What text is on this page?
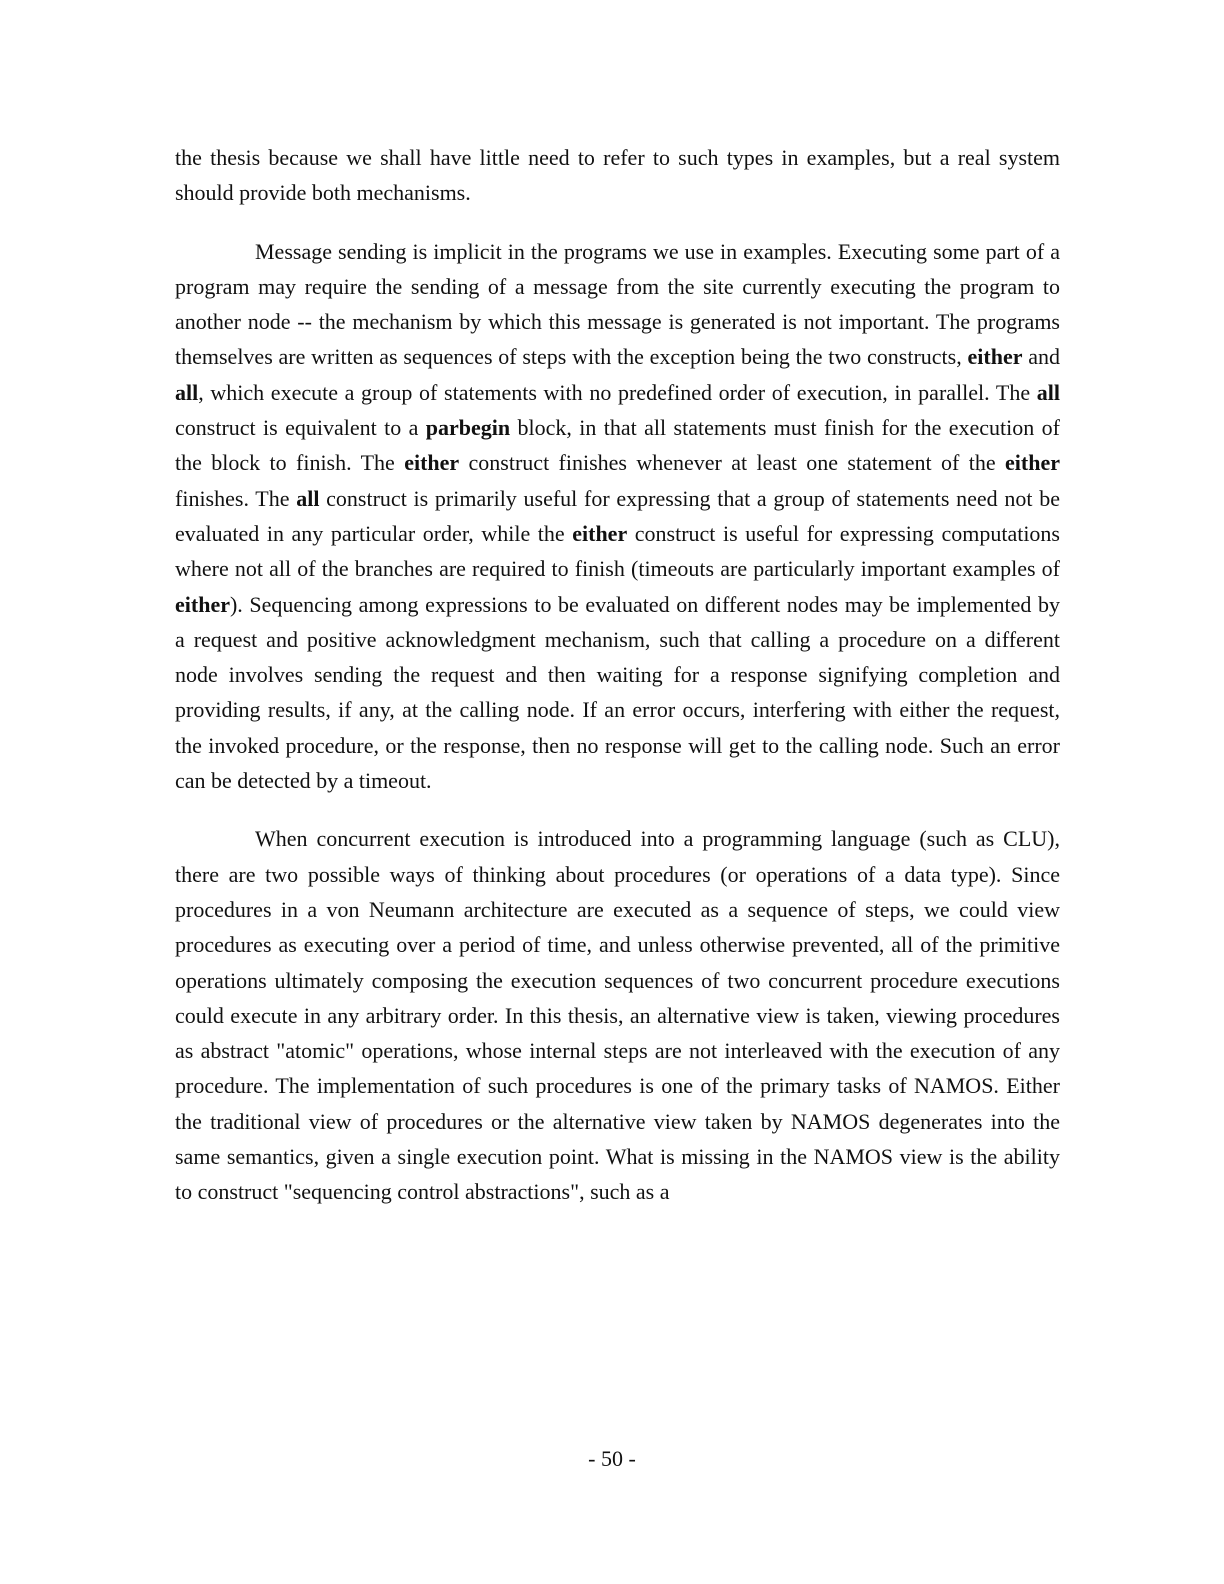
the thesis because we shall have little need to refer to such types in examples, but a real system should provide both mechanisms.

Message sending is implicit in the programs we use in examples. Executing some part of a program may require the sending of a message from the site currently executing the program to another node -- the mechanism by which this message is generated is not important. The programs themselves are written as sequences of steps with the exception being the two constructs, either and all, which execute a group of statements with no predefined order of execution, in parallel. The all construct is equivalent to a parbegin block, in that all statements must finish for the execution of the block to finish. The either construct finishes whenever at least one statement of the either finishes. The all construct is primarily useful for expressing that a group of statements need not be evaluated in any particular order, while the either construct is useful for expressing computations where not all of the branches are required to finish (timeouts are particularly important examples of either). Sequencing among expressions to be evaluated on different nodes may be implemented by a request and positive acknowledgment mechanism, such that calling a procedure on a different node involves sending the request and then waiting for a response signifying completion and providing results, if any, at the calling node. If an error occurs, interfering with either the request, the invoked procedure, or the response, then no response will get to the calling node. Such an error can be detected by a timeout.

When concurrent execution is introduced into a programming language (such as CLU), there are two possible ways of thinking about procedures (or operations of a data type). Since procedures in a von Neumann architecture are executed as a sequence of steps, we could view procedures as executing over a period of time, and unless otherwise prevented, all of the primitive operations ultimately composing the execution sequences of two concurrent procedure executions could execute in any arbitrary order. In this thesis, an alternative view is taken, viewing procedures as abstract "atomic" operations, whose internal steps are not interleaved with the execution of any procedure. The implementation of such procedures is one of the primary tasks of NAMOS. Either the traditional view of procedures or the alternative view taken by NAMOS degenerates into the same semantics, given a single execution point. What is missing in the NAMOS view is the ability to construct "sequencing control abstractions", such as a

- 50 -
